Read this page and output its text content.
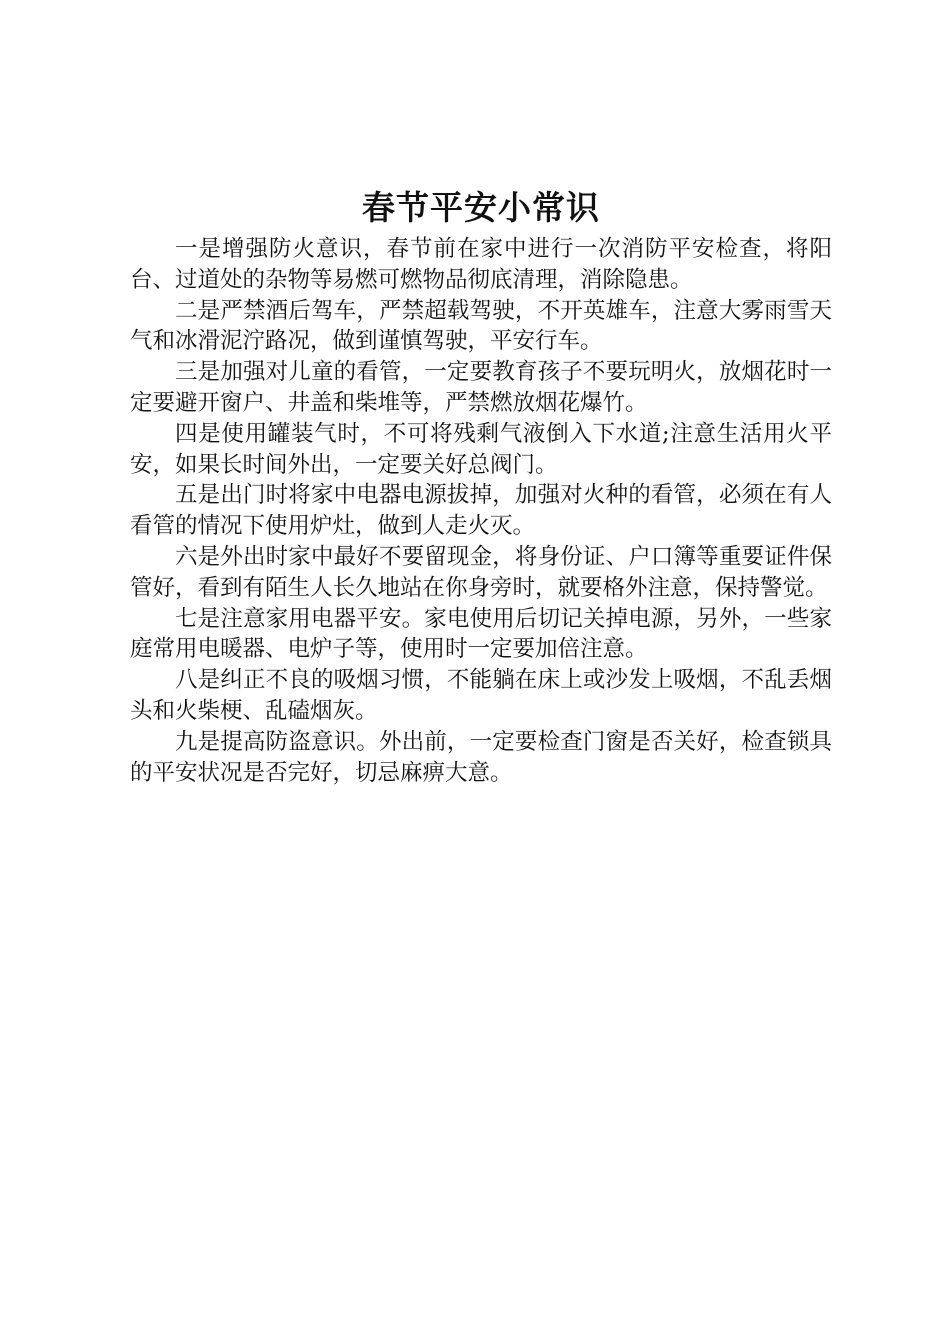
春节平安小常识

一是增强防火意识，春节前在家中进行一次消防平安检查，将阳台、过道处的杂物等易燃可燃物品彻底清理，消除隐患。

二是严禁酒后驾车，严禁超载驾驶，不开英雄车，注意大雾雨雪天气和冰滑泥泞路况，做到谨慎驾驶，平安行车。

三是加强对儿童的看管，一定要教育孩子不要玩明火，放烟花时一定要避开窗户、井盖和柴堆等，严禁燃放烟花爆竹。

四是使用罐装气时，不可将残剩气液倒入下水道;注意生活用火平安，如果长时间外出，一定要关好总阀门。

五是出门时将家中电器电源拔掉，加强对火种的看管，必须在有人看管的情况下使用炉灶，做到人走火灭。

六是外出时家中最好不要留现金，将身份证、户口簿等重要证件保管好，看到有陌生人长久地站在你身旁时，就要格外注意，保持警觉。

七是注意家用电器平安。家电使用后切记关掉电源，另外，一些家庭常用电暖器、电炉子等，使用时一定要加倍注意。

八是纠正不良的吸烟习惯，不能躺在床上或沙发上吸烟，不乱丢烟头和火柴梗、乱磕烟灰。

九是提高防盗意识。外出前，一定要检查门窗是否关好，检查锁具的平安状况是否完好，切忌麻痹大意。
